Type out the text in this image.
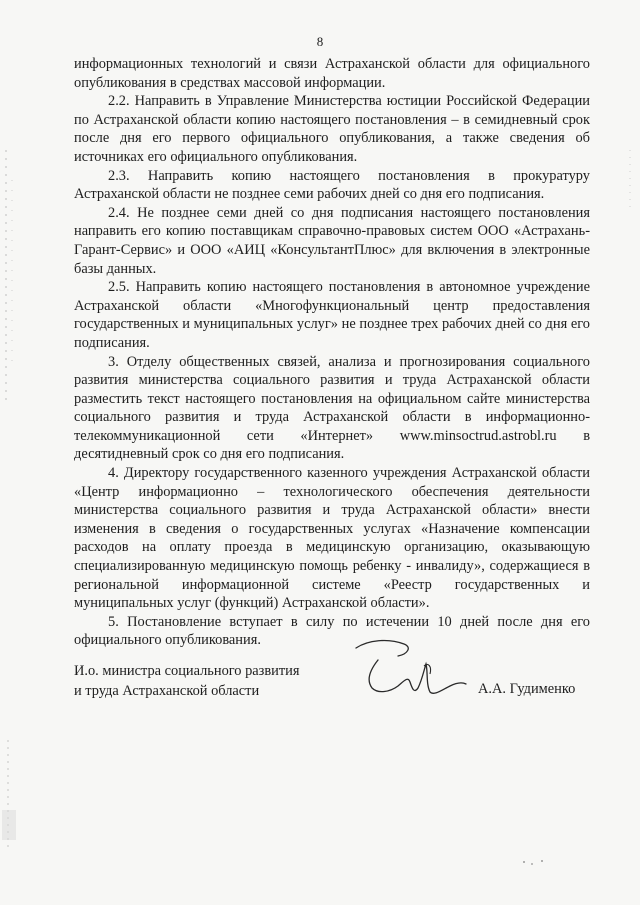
8

информационных технологий и связи Астраханской области для официального опубликования в средствах массовой информации.

2.2. Направить в Управление Министерства юстиции Российской Федерации по Астраханской области копию настоящего постановления – в семидневный срок после дня его первого официального опубликования, а также сведения об источниках его официального опубликования.

2.3. Направить копию настоящего постановления в прокуратуру Астраханской области не позднее семи рабочих дней со дня его подписания.

2.4. Не позднее семи дней со дня подписания настоящего постановления направить его копию поставщикам справочно-правовых систем ООО «Астрахань-Гарант-Сервис» и ООО «АИЦ «КонсультантПлюс» для включения в электронные базы данных.

2.5. Направить копию настоящего постановления в автономное учреждение Астраханской области «Многофункциональный центр предоставления государственных и муниципальных услуг» не позднее трех рабочих дней со дня его подписания.

3. Отделу общественных связей, анализа и прогнозирования социального развития министерства социального развития и труда Астраханской области разместить текст настоящего постановления на официальном сайте министерства социального развития и труда Астраханской области в информационно-телекоммуникационной сети «Интернет» www.minsoctrud.astrobl.ru в десятидневный срок со дня его подписания.

4. Директору государственного казенного учреждения Астраханской области «Центр информационно – технологического обеспечения деятельности министерства социального развития и труда Астраханской области» внести изменения в сведения о государственных услугах «Назначение компенсации расходов на оплату проезда в медицинскую организацию, оказывающую специализированную медицинскую помощь ребенку - инвалиду», содержащиеся в региональной информационной системе «Реестр государственных и муниципальных услуг (функций) Астраханской области».

5. Постановление вступает в силу по истечении 10 дней после дня его официального опубликования.

И.о. министра социального развития
и труда Астраханской области	А.А. Гудименко
